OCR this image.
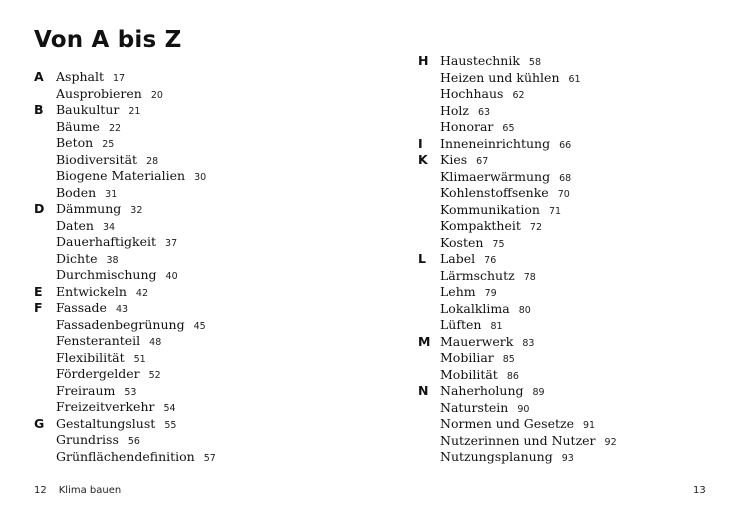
Von A bis Z
A Asphalt 17
Ausprobieren 20
B Baukultur 21
Bäume 22
Beton 25
Biodiversität 28
Biogene Materialien 30
Boden 31
D Dämmung 32
Daten 34
Dauerhaftigkeit 37
Dichte 38
Durchmischung 40
E Entwickeln 42
F Fassade 43
Fassadenbegrünung 45
Fensteranteil 48
Flexibilität 51
Fördergelder 52
Freiraum 53
Freizeitverkehr 54
G Gestaltungslust 55
Grundriss 56
Grünflächendefinition 57
H Haustechnik 58
Heizen und kühlen 61
Hochhaus 62
Holz 63
Honorar 65
I Inneneinrichtung 66
K Kies 67
Klimaerwärmung 68
Kohlenstoffsenke 70
Kommunikation 71
Kompaktheit 72
Kosten 75
L Label 76
Lärmschutz 78
Lehm 79
Lokalklima 80
Lüften 81
M Mauerwerk 83
Mobiliar 85
Mobilität 86
N Naherholung 89
Naturstein 90
Normen und Gesetze 91
Nutzerinnen und Nutzer 92
Nutzungsplanung 93
12 Klima bauen	13
